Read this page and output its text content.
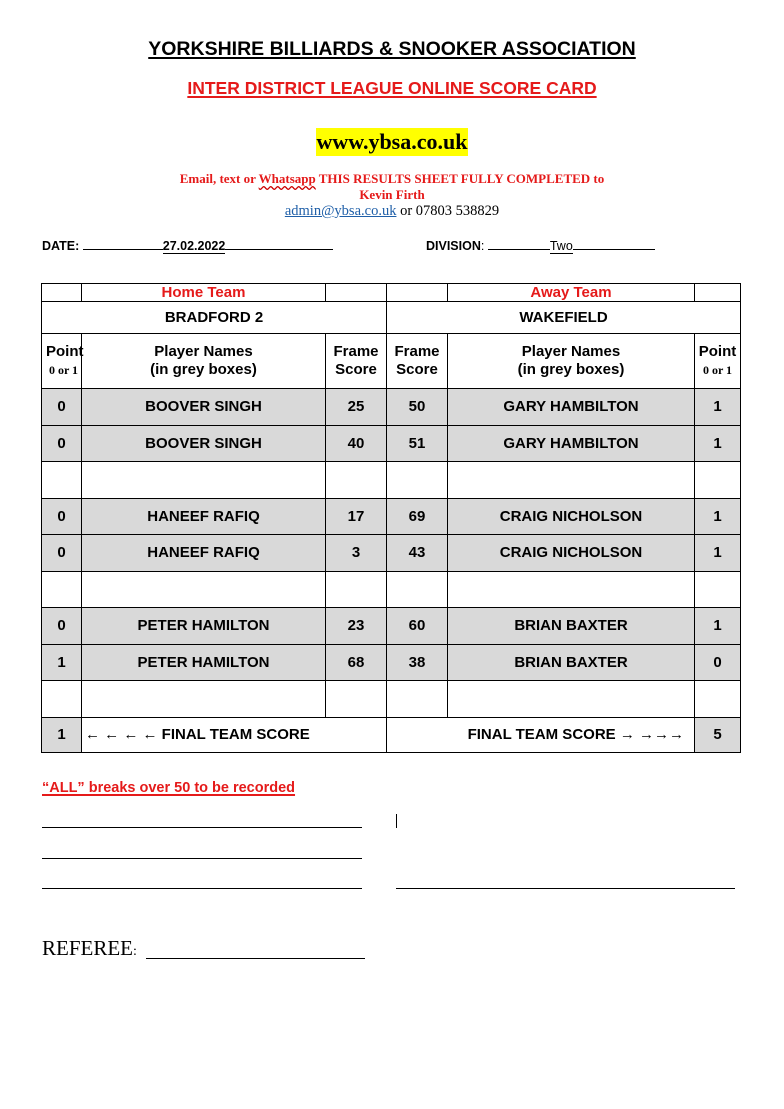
YORKSHIRE BILLIARDS & SNOOKER ASSOCIATION
INTER DISTRICT LEAGUE ONLINE SCORE CARD
www.ybsa.co.uk
Email, text or Whatsapp THIS RESULTS SHEET FULLY COMPLETED to
Kevin Firth
admin@ybsa.co.uk or 07803 538829
DATE:	27.02.2022	DIVISION:	Two
	Home Team			Away Team	
BRADFORD 2			WAKEFIELD		
Point
0 or 1	Player Names
(in grey boxes)	Frame
Score	Frame
Score	Player Names
(in grey boxes)	Point
0 or 1

0	BOOVER SINGH	25	50	GARY HAMBILTON	1
0	BOOVER SINGH	40	51	GARY HAMBILTON	1

0	HANEEF RAFIQ	17	69	CRAIG NICHOLSON	1
0	HANEEF RAFIQ	3	43	CRAIG NICHOLSON	1

0	PETER HAMILTON	23	60	BRIAN BAXTER	1
1	PETER HAMILTON	68	38	BRIAN BAXTER	0

1	← ← ← ← FINAL TEAM SCORE		FINAL TEAM SCORE → →→→		5
“ALL” breaks over 50 to be recorded
REFEREE:
